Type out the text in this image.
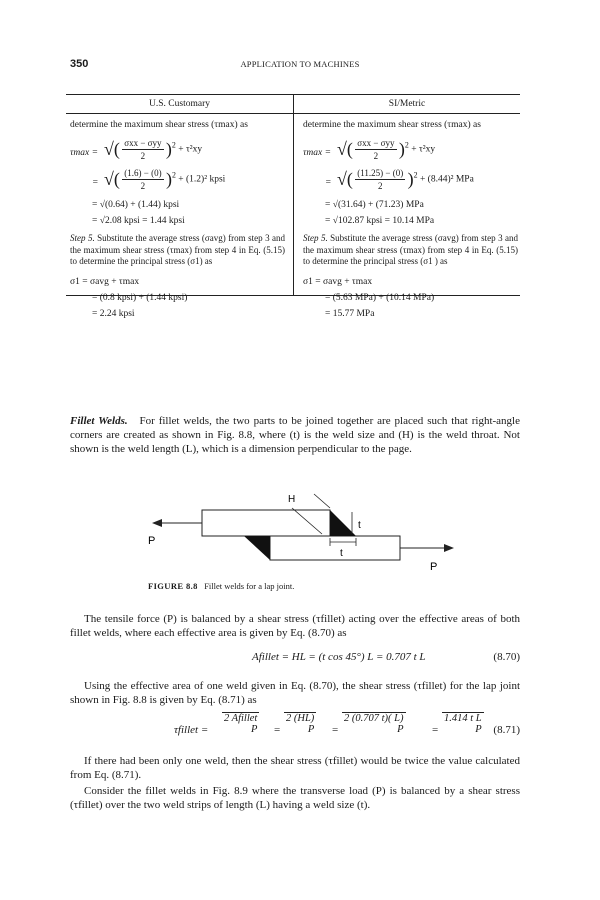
350	APPLICATION TO MACHINES
U.S. Customary	SI/Metric

determine the maximum shear stress (τmax) as

τmax = √( $\frac{\text{σxx − σyy}}{2} )^2 + \tau^2xy$
= √( $\frac{(1.6) - (0)}{2} )^2 + (1.2)^2$ kpsi
= √(0.64) + (1.44) kpsi
= √2.08 kpsi = 1.44 kpsi
Step 5. Substitute the average stress (σavg) from step 3 and the maximum shear stress (τmax) from step 4 in Eq. (5.15) to determine the principal stress (σ1) as
σ1 = σavg + τmax
= (0.8 kpsi) + (1.44 kpsi)
= 2.24 kpsi

determine the maximum shear stress (τmax) as

τmax = √( $\frac{\text{σxx − σyy}}{2} )^2 + \tau^2xy$
= √( $\frac{(11.25) - (0)}{2} )^2 + (8.44)^2$ MPa
= √(31.64) + (71.23) MPa
= √102.87 kpsi = 10.14 MPa
Step 5. Substitute the average stress (σavg) from step 3 and the maximum shear stress (τmax) from step 4 in Eq. (5.15) to determine the principal stress (σ1 ) as
σ1 = σavg + τmax
= (5.63 MPa) + (10.14 MPa)
= 15.77 MPa

Fillet Welds. For fillet welds, the two parts to be joined together are placed such that right-angle corners are created as shown in Fig. 8.8, where (t) is the weld size and (H) is the weld throat. Not shown is the weld length (L), which is a dimension perpendicular to the page.

H
t
t
P
P
FIGURE 8.8 Fillet welds for a lap joint.
The tensile force (P) is balanced by a shear stress (τfillet) acting over the effective areas of both fillet welds, where each effective area is given by Eq. (8.70) as
Afillet = HL = (t cos 45°) L = 0.707 t L	(8.70)
Using the effective area of one weld given in Eq. (8.70), the shear stress (τfillet) for the lap joint shown in Fig. 8.8 is given by Eq. (8.71) as
τfillet =	P
2 Afillet
=	P
2 (HL)
=	P
2 (0.707 t)( L)
=	P
1.414 t L
(8.71)
If there had been only one weld, then the shear stress (τfillet) would be twice the value calculated from Eq. (8.71).
Consider the fillet welds in Fig. 8.9 where the transverse load (P) is balanced by a shear stress (τfillet) over the two weld strips of length (L) having a weld size (t).
